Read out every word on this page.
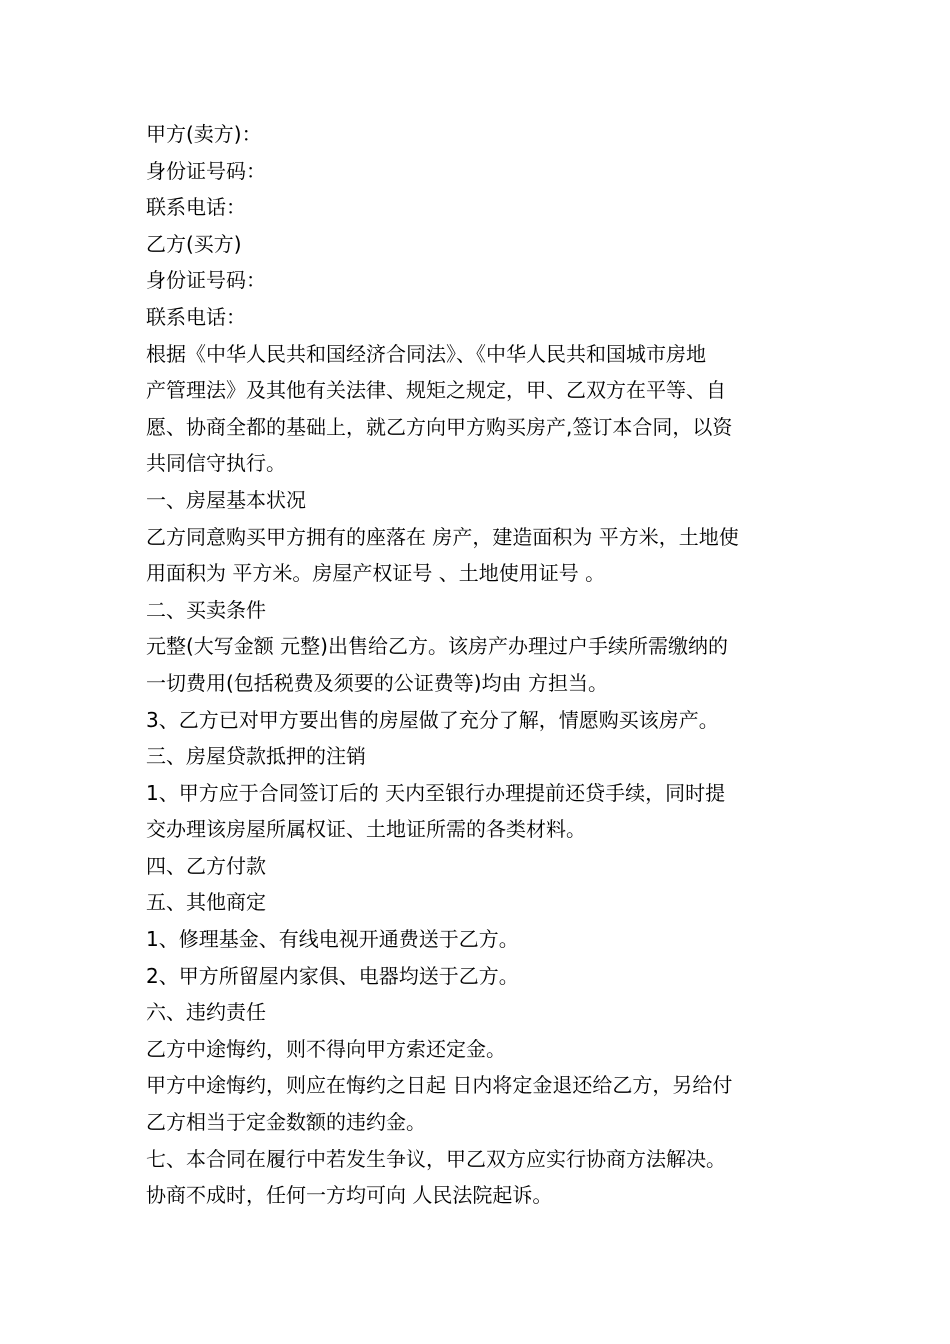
甲方(卖方)：
身份证号码：
联系电话：
乙方(买方)
身份证号码：
联系电话：
根据《中华人民共和国经济合同法》、《中华人民共和国城市房地
产管理法》及其他有关法律、规矩之规定，甲、乙双方在平等、自
愿、协商全都的基础上，就乙方向甲方购买房产,签订本合同，以资
共同信守执行。
一、房屋基本状况
乙方同意购买甲方拥有的座落在 房产，建造面积为 平方米，土地使
用面积为 平方米。房屋产权证号 、土地使用证号 。
二、买卖条件
元整(大写金额 元整)出售给乙方。该房产办理过户手续所需缴纳的
一切费用(包括税费及须要的公证费等)均由 方担当。
3、乙方已对甲方要出售的房屋做了充分了解，情愿购买该房产。
三、房屋贷款抵押的注销
1、甲方应于合同签订后的 天内至银行办理提前还贷手续，同时提
交办理该房屋所属权证、土地证所需的各类材料。
四、乙方付款
五、其他商定
1、修理基金、有线电视开通费送于乙方。
2、甲方所留屋内家俱、电器均送于乙方。
六、违约责任
乙方中途悔约，则不得向甲方索还定金。
甲方中途悔约，则应在悔约之日起 日内将定金退还给乙方，另给付
乙方相当于定金数额的违约金。
七、本合同在履行中若发生争议，甲乙双方应实行协商方法解决。
协商不成时，任何一方均可向 人民法院起诉。
